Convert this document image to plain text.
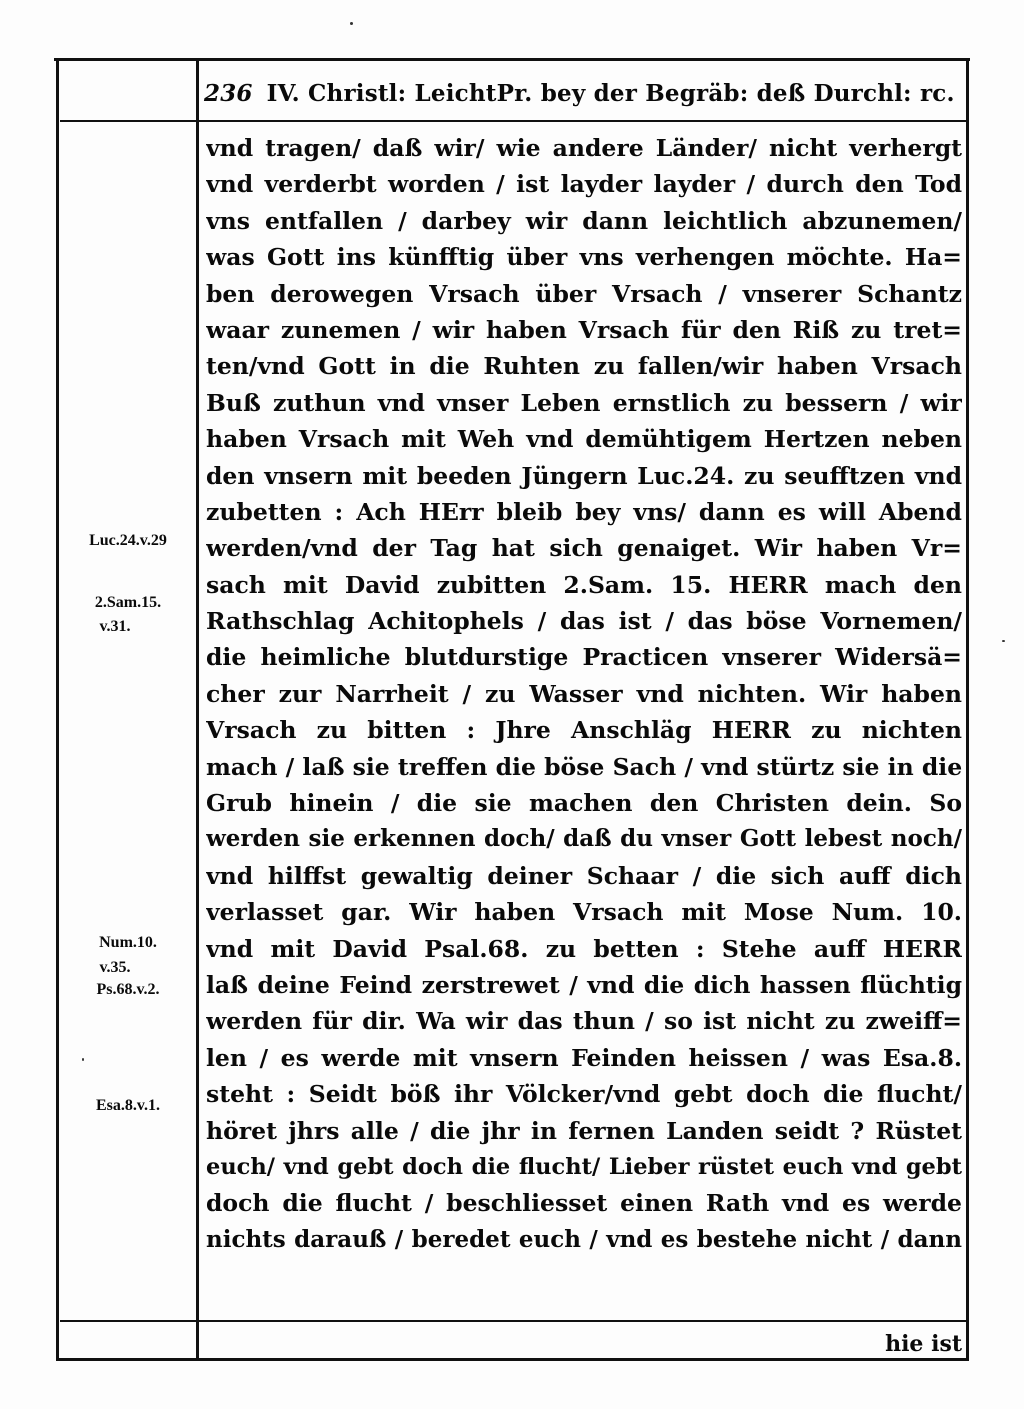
236 IV. Christl: LeichtPr. bey der Begräb: deß Durchl: rc.
vnd tragen/ daß wir/ wie andere Länder/ nicht verhergt
vnd verderbt worden / ist layder layder / durch den Tod
vns entfallen / darbey wir dann leichtlich abzunemen/
was Gott ins künfftig über vns verhengen möchte. Ha=
ben derowegen Vrsach über Vrsach / vnserer Schantz
waar zunemen / wir haben Vrsach für den Riß zu tret=
ten/vnd Gott in die Ruhten zu fallen/wir haben Vrsach
Buß zuthun vnd vnser Leben ernstlich zu bessern / wir
haben Vrsach mit Weh vnd demühtigem Hertzen neben
den vnsern mit beeden Jüngern Luc.24. zu seufftzen vnd
zubetten : Ach HErr bleib bey vns/ dann es will Abend
werden/vnd der Tag hat sich genaiget. Wir haben Vr=
sach mit David zubitten 2.Sam. 15. HERR mach den
Rathschlag Achitophels / das ist / das böse Vornemen/
die heimliche blutdurstige Practicen vnserer Widersä=
cher zur Narrheit / zu Wasser vnd nichten. Wir haben
Vrsach zu bitten : Jhre Anschläg HERR zu nichten
mach / laß sie treffen die böse Sach / vnd stürtz sie in die
Grub hinein / die sie machen den Christen dein. So
werden sie erkennen doch/ daß du vnser Gott lebest noch/
vnd hilffst gewaltig deiner Schaar / die sich auff dich
verlasset gar. Wir haben Vrsach mit Mose Num. 10.
vnd mit David Psal.68. zu betten : Stehe auff HERR
laß deine Feind zerstrewet / vnd die dich hassen flüchtig
werden für dir. Wa wir das thun / so ist nicht zu zweiff=
len / es werde mit vnsern Feinden heissen / was Esa.8.
steht : Seidt böß ihr Völcker/vnd gebt doch die flucht/
höret jhrs alle / die jhr in fernen Landen seidt ? Rüstet
euch/ vnd gebt doch die flucht/ Lieber rüstet euch vnd gebt
doch die flucht / beschliesset einen Rath vnd es werde
nichts darauß / beredet euch / vnd es bestehe nicht / dann
Luc.24.v.29
2.Sam.15.
v.31.
Num.10.
v.35.
Ps.68.v.2.
Esa.8.v.1.
hie ist
